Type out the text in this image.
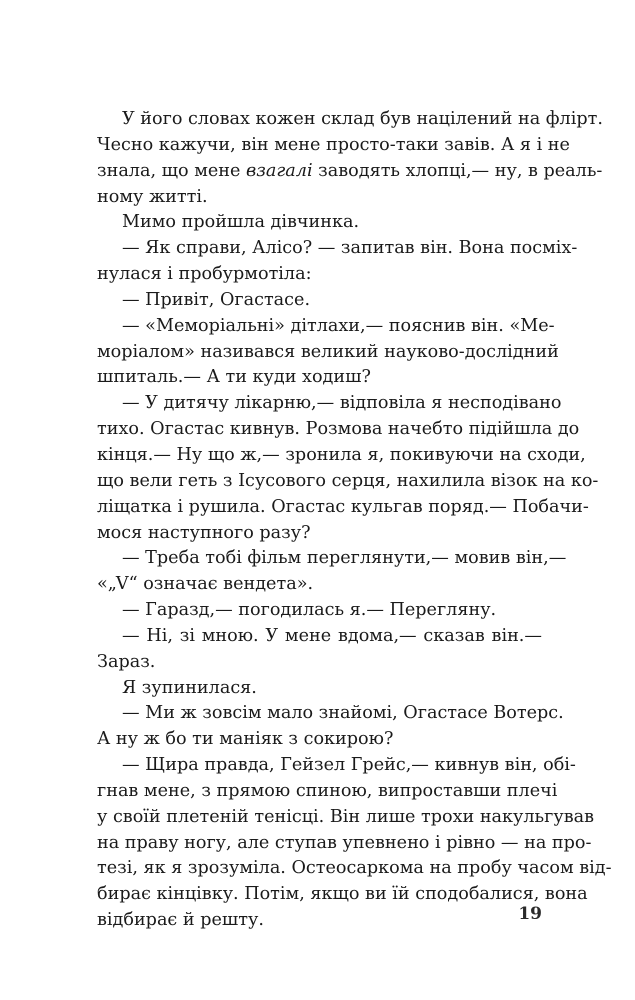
У його словах кожен склад був націлений на флірт.
Чесно кажучи, він мене просто-таки завів. А я і не
знала, що мене взагалі заводять хлопці,— ну, в реаль-
ному житті.
Мимо пройшла дівчинка.
— Як справи, Алісо? — запитав він. Вона посміх-
нулася і пробурмотіла:
— Привіт, Огастасе.
— «Меморіальні» дітлахи,— пояснив він. «Ме-
моріалом» називався великий науково-дослідний
шпиталь.— А ти куди ходиш?
— У дитячу лікарню,— відповіла я несподівано
тихо. Огастас кивнув. Розмова начебто підійшла до
кінця.— Ну що ж,— зронила я, покивуючи на сходи,
що вели геть з Ісусового серця, нахилила візок на ко-
ліщатка і рушила. Огастас кульгав поряд.— Побачи-
мося наступного разу?
— Треба тобі фільм переглянути,— мовив він,—
«„V“ означає вендета».
— Гаразд,— погодилась я.— Перегляну.
— Ні, зі мною. У мене вдома,— сказав він.—
Зараз.
Я зупинилася.
— Ми ж зовсім мало знайомі, Огастасе Вотерс.
А ну ж бо ти маніяк з сокирою?
— Щира правда, Гейзел Грейс,— кивнув він, обі-
гнав мене, з прямою спиною, випроставши плечі
у своїй плетеній тенісці. Він лише трохи накульгував
на праву ногу, але ступав упевнено і рівно — на про-
тезі, як я зрозуміла. Остеосаркома на пробу часом від-
бирає кінцівку. Потім, якщо ви їй сподобалися, вона
відбирає й решту.	19
